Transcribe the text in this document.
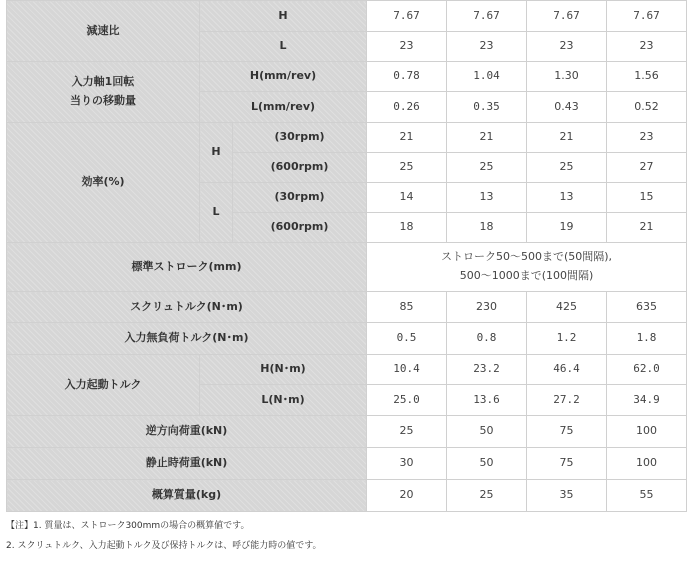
減速比	H		7.67	7.67	7.67	7.67
	L		23	23	23	23

入力軸1回転
当りの移動量	H(mm/rev)		0.78	1.04	1.30	1.56
	L(mm/rev)		0.26	0.35	0.43	0.52
効率(%)	H	(30rpm)	21	21	21	23
		(600rpm)	25	25	25	27
	L	(30rpm)	14	13	13	15
		(600rpm)	18	18	19	21
標準ストローク(mm)			ストローク50～500まで(50間隔),
500～1000まで(100間隔)			

スクリュトルク(N･m)			85	230	425	635
入力無負荷トルク(N･m)			0.5	0.8	1.2	1.8
入力起動トルク	H(N･m)		10.4	23.2	46.4	62.0
	L(N･m)		25.0	13.6	27.2	34.9
逆方向荷重(kN)			25	50	75	100
静止時荷重(kN)			30	50	75	100
概算質量(kg)			20	25	35	55
【注】1. 質量は、ストローク300mmの場合の概算値です。
2. スクリュトルク、入力起動トルク及び保持トルクは、呼び能力時の値です。
